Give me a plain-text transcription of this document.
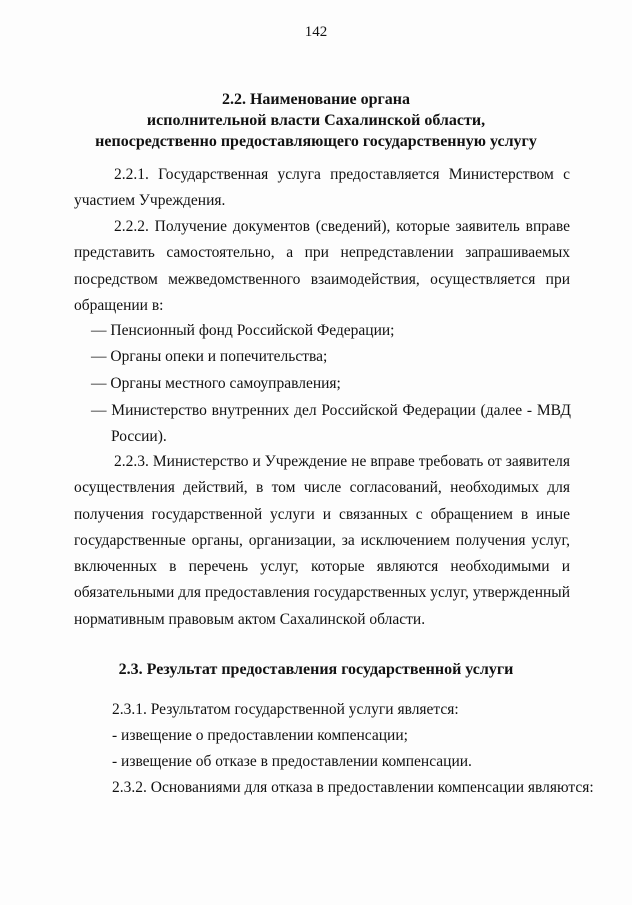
142
2.2. Наименование органа
исполнительной власти Сахалинской области,
непосредственно предоставляющего государственную услугу

2.2.1. Государственная услуга предоставляется Министерством с участием Учреждения.

2.2.2. Получение документов (сведений), которые заявитель вправе представить самостоятельно, а при непредставлении запрашиваемых посредством межведомственного взаимодействия, осуществляется при обращении в:

— Пенсионный фонд Российской Федерации;

— Органы опеки и попечительства;

— Органы местного самоуправления;

— Министерство внутренних дел Российской Федерации (далее - МВД России).

2.2.3. Министерство и Учреждение не вправе требовать от заявителя осуществления действий, в том числе согласований, необходимых для получения государственной услуги и связанных с обращением в иные государственные органы, организации, за исключением получения услуг, включенных в перечень услуг, которые являются необходимыми и обязательными для предоставления государственных услуг, утвержденный нормативным правовым актом Сахалинской области.

2.3. Результат предоставления государственной услуги

2.3.1. Результатом государственной услуги является:

- извещение о предоставлении компенсации;

- извещение об отказе в предоставлении компенсации.

2.3.2. Основаниями для отказа в предоставлении компенсации являются:
